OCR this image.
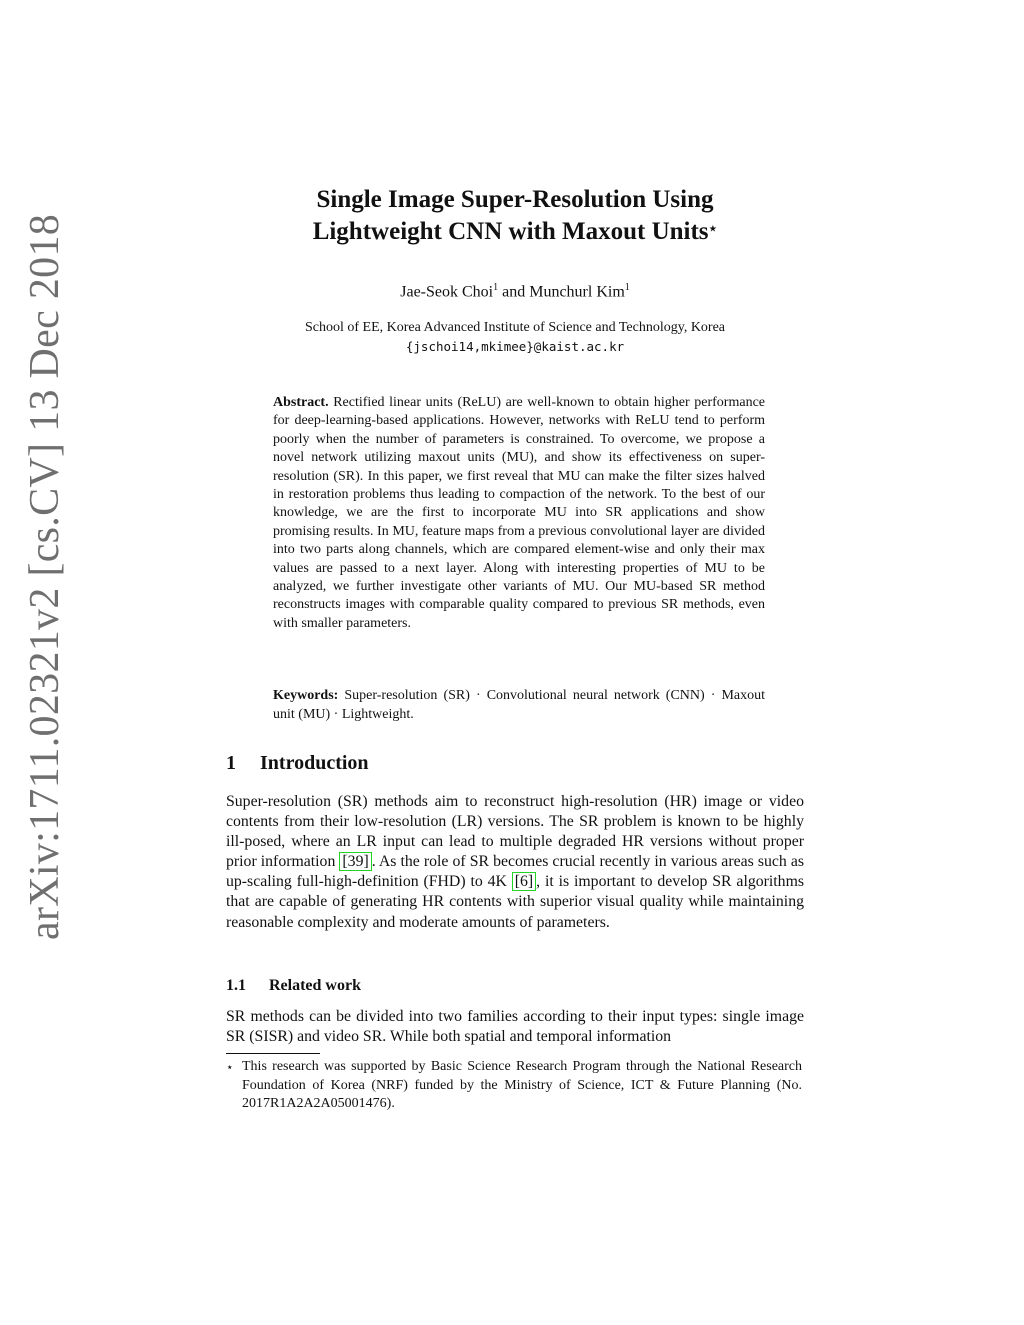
arXiv:1711.02321v2 [cs.CV] 13 Dec 2018
Single Image Super-Resolution Using
Lightweight CNN with Maxout Units⋆
Jae-Seok Choi$^1$ and Munchurl Kim$^1$
School of EE, Korea Advanced Institute of Science and Technology, Korea
{jschoi14,mkimee}@kaist.ac.kr
Abstract. Rectified linear units (ReLU) are well-known to obtain higher performance for deep-learning-based applications. However, networks with ReLU tend to perform poorly when the number of parameters is constrained. To overcome, we propose a novel network utilizing maxout units (MU), and show its effectiveness on super-resolution (SR). In this paper, we first reveal that MU can make the filter sizes halved in restoration problems thus leading to compaction of the network. To the best of our knowledge, we are the first to incorporate MU into SR applications and show promising results. In MU, feature maps from a previous convolutional layer are divided into two parts along channels, which are compared element-wise and only their max values are passed to a next layer. Along with interesting properties of MU to be analyzed, we further investigate other variants of MU. Our MU-based SR method reconstructs images with comparable quality compared to previous SR methods, even with smaller parameters.
Keywords: Super-resolution (SR) · Convolutional neural network (CNN) · Maxout unit (MU) · Lightweight.
1 Introduction
Super-resolution (SR) methods aim to reconstruct high-resolution (HR) image or video contents from their low-resolution (LR) versions. The SR problem is known to be highly ill-posed, where an LR input can lead to multiple degraded HR versions without proper prior information [39] . As the role of SR becomes crucial recently in various areas such as up-scaling full-high-definition (FHD) to 4K [6] , it is important to develop SR algorithms that are capable of generating HR contents with superior visual quality while maintaining reasonable complexity and moderate amounts of parameters.
1.1 Related work
SR methods can be divided into two families according to their input types: single image SR (SISR) and video SR. While both spatial and temporal information
⋆ This research was supported by Basic Science Research Program through the National Research Foundation of Korea (NRF) funded by the Ministry of Science, ICT & Future Planning (No. 2017R1A2A2A05001476).
